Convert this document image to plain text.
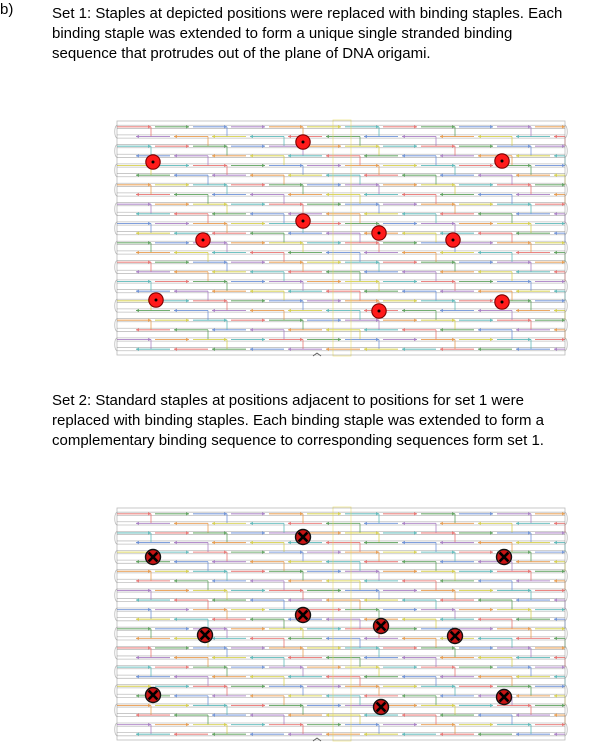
b)	Set 1: Staples at depicted positions were replaced with binding staples. Each
binding staple was extended to form a unique single stranded binding
sequence that protrudes out of the plane of DNA origami.
Set 2: Standard staples at positions adjacent to positions for set 1 were
replaced with binding staples. Each binding staple was extended to form a
complementary binding sequence to corresponding sequences form set 1.
